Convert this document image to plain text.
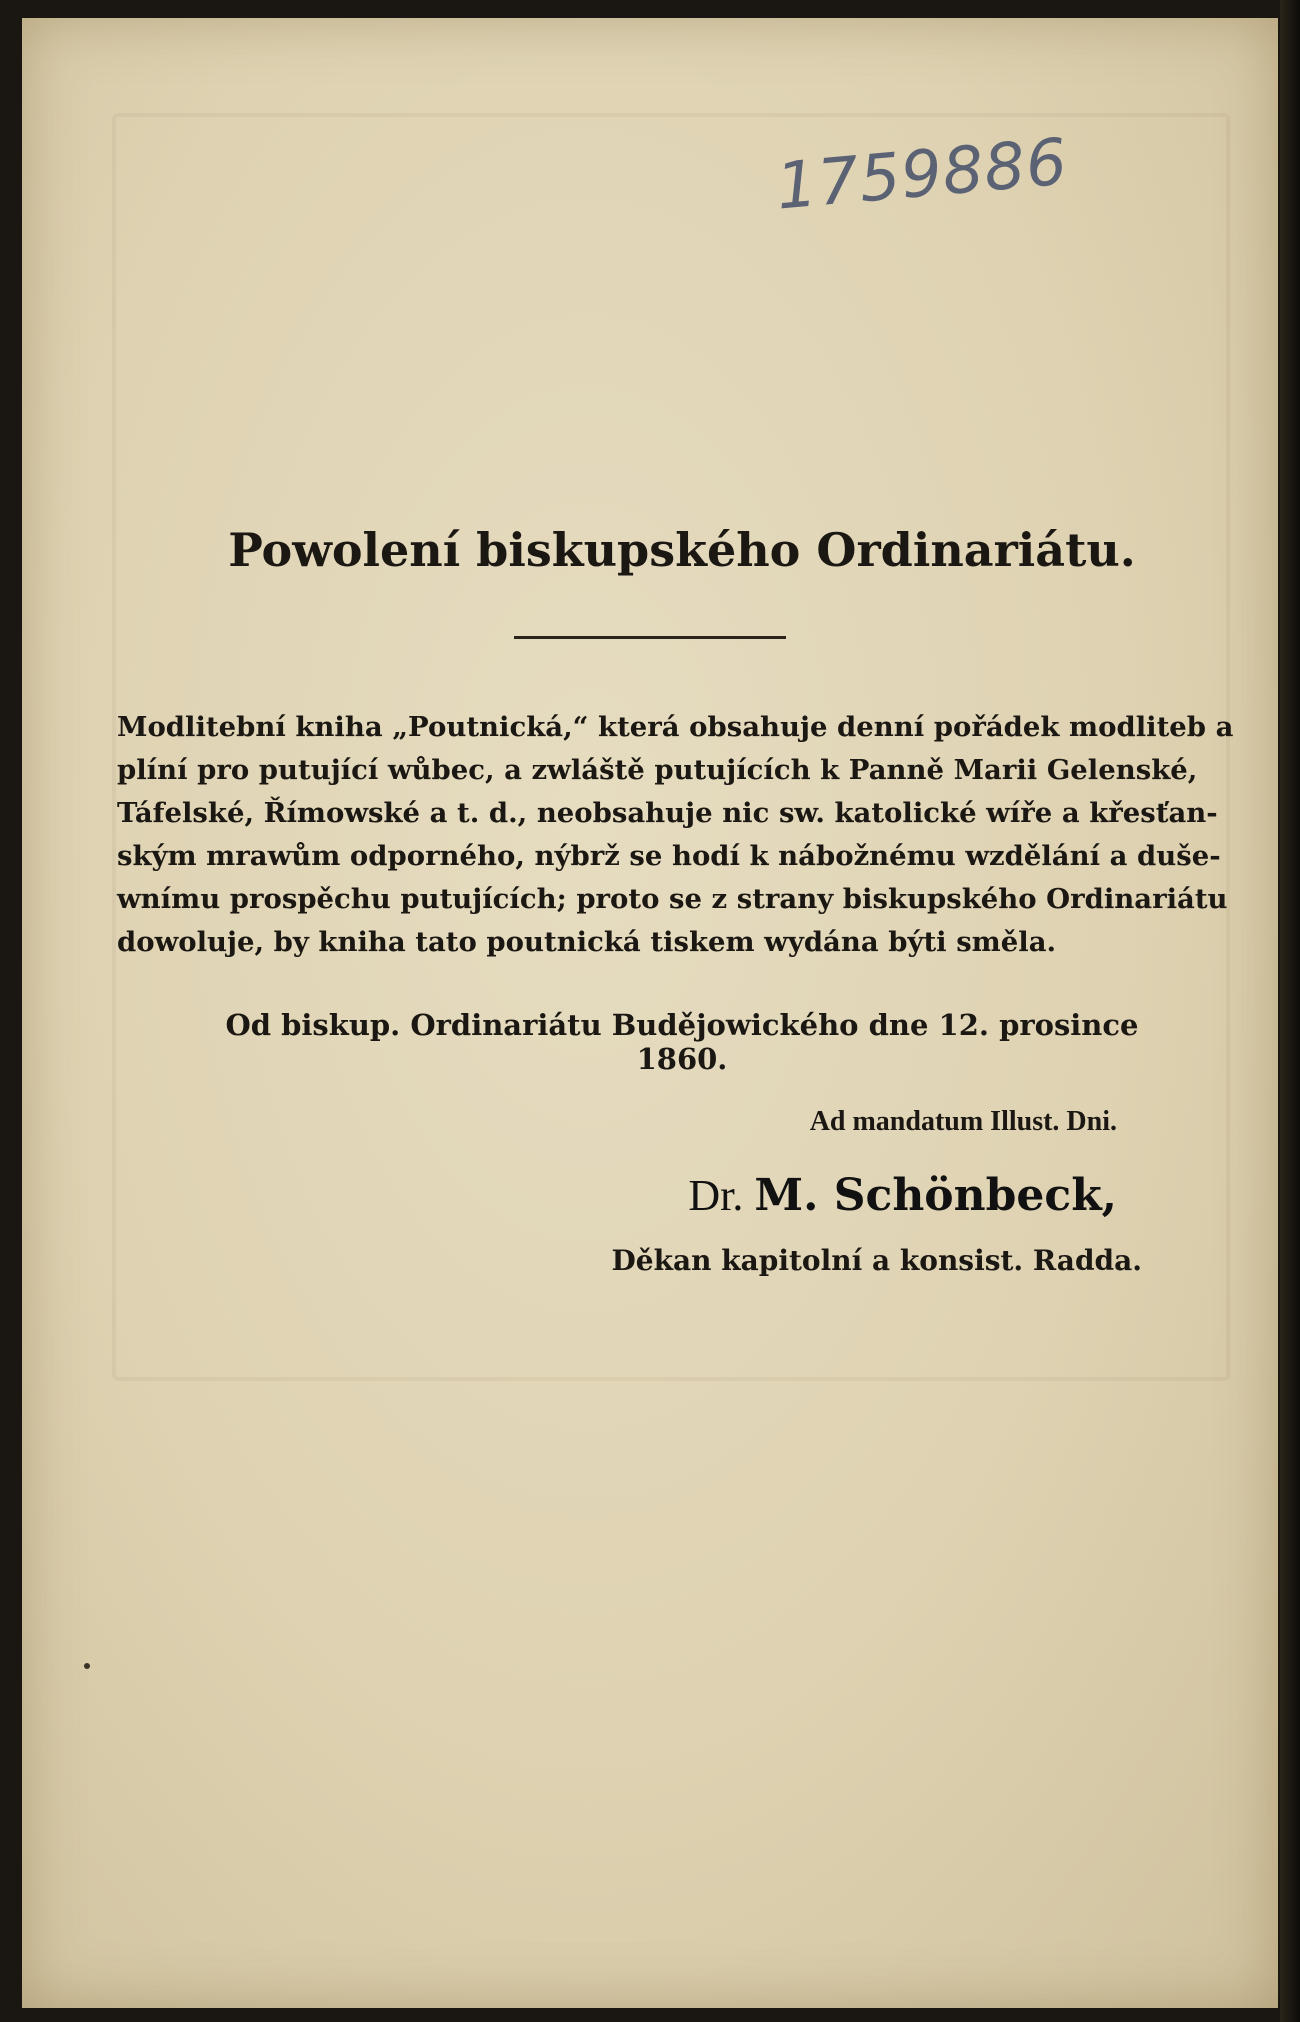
1759886
Powolení biskupského Ordinariátu.
Modlitební kniha „Poutnická,“ která obsahuje denní pořádek modliteb a
plíní pro putující wůbec, a zwláště putujících k Panně Marii Gelenské,
Táfelské, Římowské a t. d., neobsahuje nic sw. katolické wíře a křesťan-
ským mrawům odporného, nýbrž se hodí k nábožnému wzdělání a duše-
wnímu prospěchu putujících; proto se z strany biskupského Ordinariátu
dowoluje, by kniha tato poutnická tiskem wydána býti směla.
Od biskup. Ordinariátu Budějowického dne 12. prosince 1860.
Ad mandatum Illust. Dni.
Dr. M. Schönbeck,
Děkan kapitolní a konsist. Radda.
